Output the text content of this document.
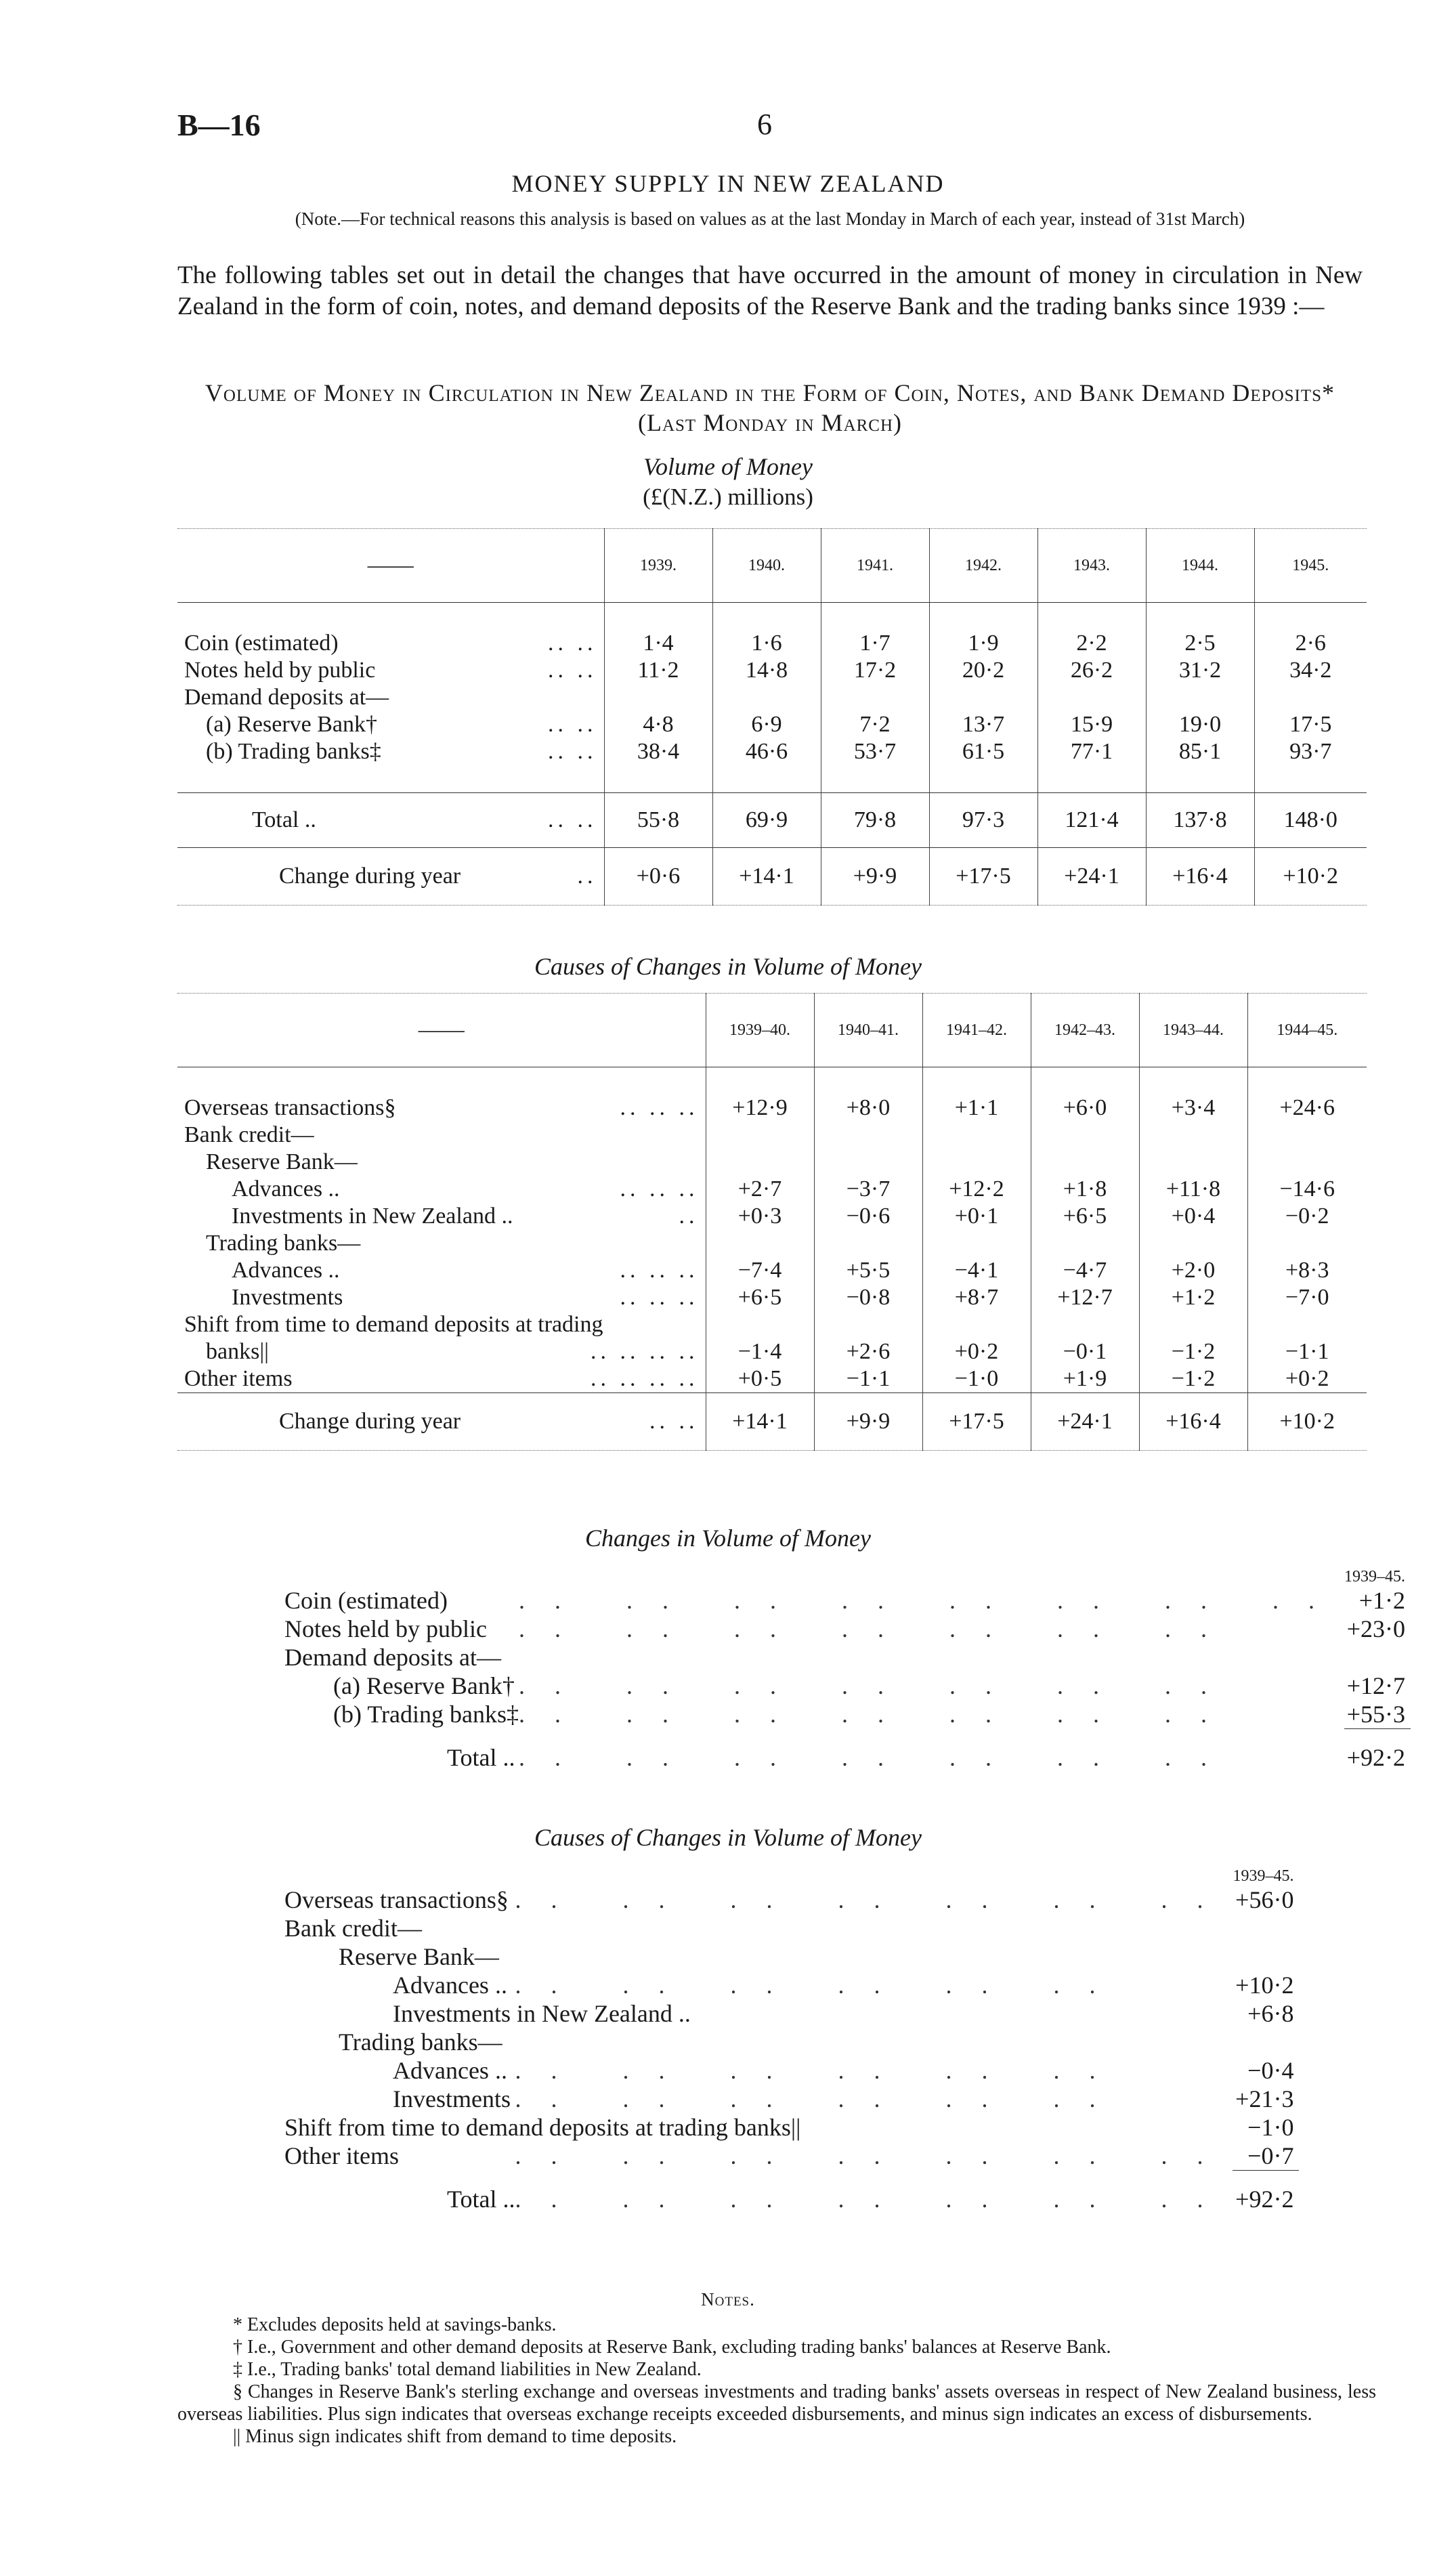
B—16	6
MONEY SUPPLY IN NEW ZEALAND
(Note.—For technical reasons this analysis is based on values as at the last Monday in March of each year, instead of 31st March)
The following tables set out in detail the changes that have occurred in the amount of money in circulation in New Zealand in the form of coin, notes, and demand deposits of the Reserve Bank and the trading banks since 1939 :—
Volume of Money in Circulation in New Zealand in the Form of Coin, Notes, and Bank Demand Deposits* (Last Monday in March)
Volume of Money
(£(N.Z.) millions)
——	1939.	1940.	1941.	1942.	1943.	1944.	1945.

Coin (estimated) .. ..	1·4	1·6	1·7	1·9	2·2	2·5	2·6
Notes held by public .. ..	11·2	14·8	17·2	20·2	26·2	31·2	34·2
Demand deposits at—							
(a) Reserve Bank† .. ..	4·8	6·9	7·2	13·7	15·9	19·0	17·5
(b) Trading banks‡ .. ..	38·4	46·6	53·7	61·5	77·1	85·1	93·7

Total .. .. ..	55·8	69·9	79·8	97·3	121·4	137·8	148·0
Change during year ..	+0·6	+14·1	+9·9	+17·5	+24·1	+16·4	+10·2
Causes of Changes in Volume of Money
——	1939–40.	1940–41.	1941–42.	1942–43.	1943–44.	1944–45.

Overseas transactions§ .. .. ..	+12·9	+8·0	+1·1	+6·0	+3·4	+24·6
Bank credit—						
Reserve Bank—						
Advances .. .. .. ..	+2·7	−3·7	+12·2	+1·8	+11·8	−14·6
Investments in New Zealand .. ..	+0·3	−0·6	+0·1	+6·5	+0·4	−0·2
Trading banks—						
Advances .. .. .. ..	−7·4	+5·5	−4·1	−4·7	+2·0	+8·3
Investments .. .. ..	+6·5	−0·8	+8·7	+12·7	+1·2	−7·0
Shift from time to demand deposits at trading						
banks|| .. .. .. ..	−1·4	+2·6	+0·2	−0·1	−1·2	−1·1
Other items .. .. .. ..	+0·5	−1·1	−1·0	+1·9	−1·2	+0·2
Change during year .. ..	+14·1	+9·9	+17·5	+24·1	+16·4	+10·2
Changes in Volume of Money
		1939–45.
Coin (estimated)	.. .. .. .. .. .. .. ..	+1·2
Notes held by public	.. .. .. .. .. .. ..	+23·0
Demand deposits at—		
(a) Reserve Bank†	.. .. .. .. .. .. ..	+12·7
(b) Trading banks‡	.. .. .. .. .. .. ..	+55·3
Total ..	.. .. .. .. .. .. ..	+92·2
Causes of Changes in Volume of Money
		1939–45.
Overseas transactions§	.. .. .. .. .. .. ..	+56·0
Bank credit—		
Reserve Bank—		
Advances ..	.. .. .. .. .. ..	+10·2
Investments in New Zealand ..		+6·8
Trading banks—		
Advances ..	.. .. .. .. .. ..	−0·4
Investments	.. .. .. .. .. ..	+21·3
Shift from time to demand deposits at trading banks||		−1·0
Other items	.. .. .. .. .. .. ..	−0·7
Total ..	.. .. .. .. .. .. ..	+92·2
Notes.

* Excludes deposits held at savings-banks.

† I.e., Government and other demand deposits at Reserve Bank, excluding trading banks' balances at Reserve Bank.

‡ I.e., Trading banks' total demand liabilities in New Zealand.

§ Changes in Reserve Bank's sterling exchange and overseas investments and trading banks' assets overseas in respect of New Zealand business, less overseas liabilities. Plus sign indicates that overseas exchange receipts exceeded disbursements, and minus sign indicates an excess of disbursements.

|| Minus sign indicates shift from demand to time deposits.
